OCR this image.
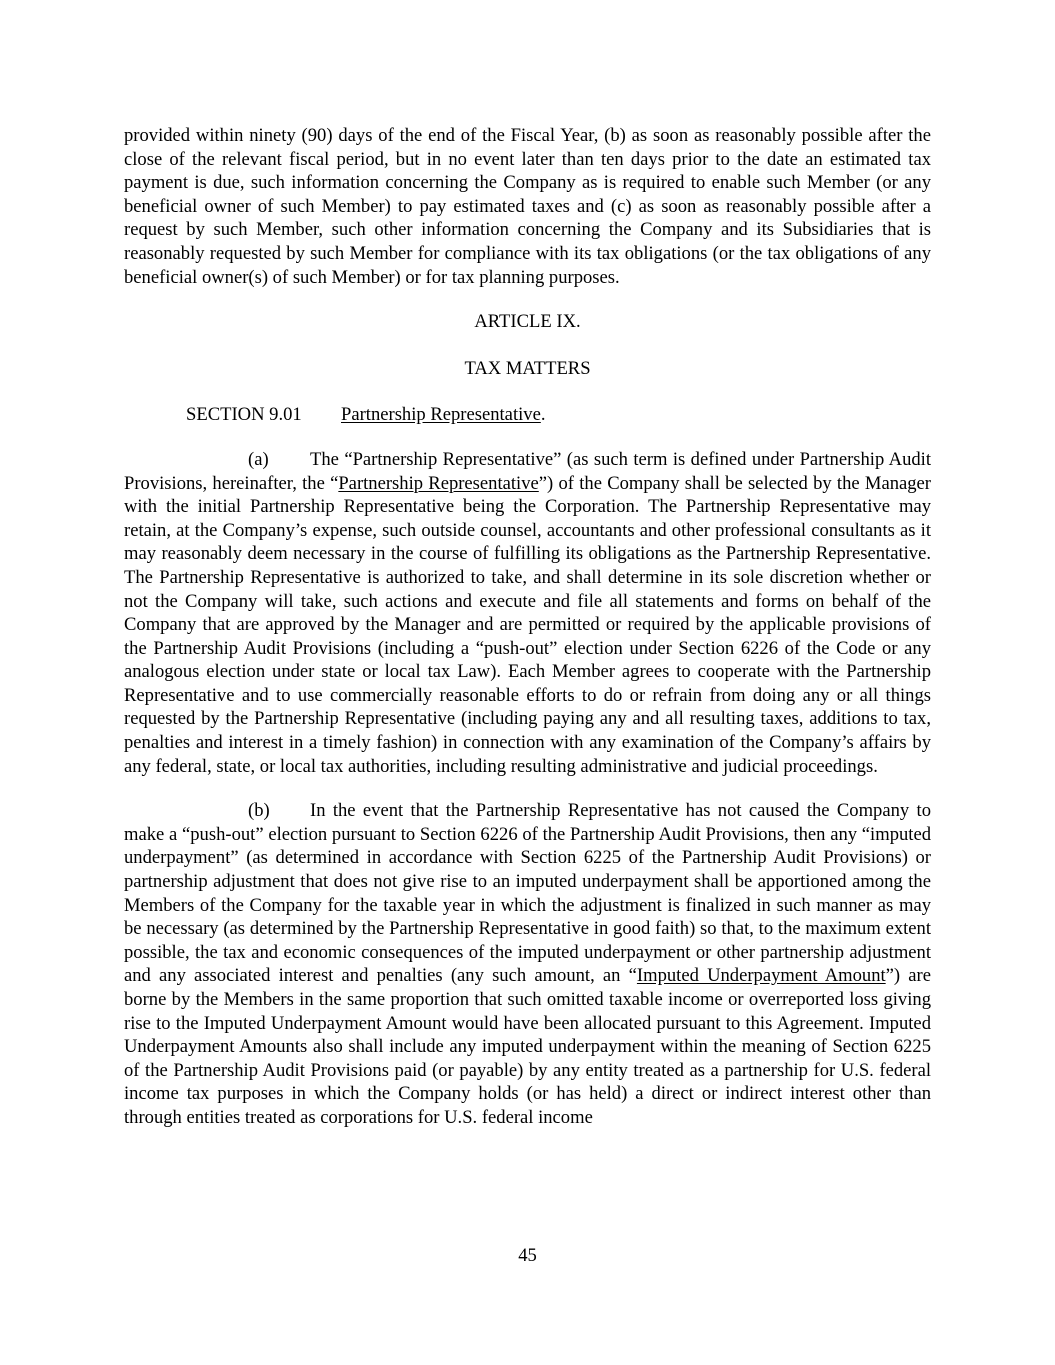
provided within ninety (90) days of the end of the Fiscal Year, (b) as soon as reasonably possible after the close of the relevant fiscal period, but in no event later than ten days prior to the date an estimated tax payment is due, such information concerning the Company as is required to enable such Member (or any beneficial owner of such Member) to pay estimated taxes and (c) as soon as reasonably possible after a request by such Member, such other information concerning the Company and its Subsidiaries that is reasonably requested by such Member for compliance with its tax obligations (or the tax obligations of any beneficial owner(s) of such Member) or for tax planning purposes.

ARTICLE IX.

TAX MATTERS

SECTION 9.01 Partnership Representative.

(a) The “Partnership Representative” (as such term is defined under Partnership Audit Provisions, hereinafter, the “Partnership Representative”) of the Company shall be selected by the Manager with the initial Partnership Representative being the Corporation. The Partnership Representative may retain, at the Company’s expense, such outside counsel, accountants and other professional consultants as it may reasonably deem necessary in the course of fulfilling its obligations as the Partnership Representative. The Partnership Representative is authorized to take, and shall determine in its sole discretion whether or not the Company will take, such actions and execute and file all statements and forms on behalf of the Company that are approved by the Manager and are permitted or required by the applicable provisions of the Partnership Audit Provisions (including a “push-out” election under Section 6226 of the Code or any analogous election under state or local tax Law). Each Member agrees to cooperate with the Partnership Representative and to use commercially reasonable efforts to do or refrain from doing any or all things requested by the Partnership Representative (including paying any and all resulting taxes, additions to tax, penalties and interest in a timely fashion) in connection with any examination of the Company’s affairs by any federal, state, or local tax authorities, including resulting administrative and judicial proceedings.

(b) In the event that the Partnership Representative has not caused the Company to make a “push-out” election pursuant to Section 6226 of the Partnership Audit Provisions, then any “imputed underpayment” (as determined in accordance with Section 6225 of the Partnership Audit Provisions) or partnership adjustment that does not give rise to an imputed underpayment shall be apportioned among the Members of the Company for the taxable year in which the adjustment is finalized in such manner as may be necessary (as determined by the Partnership Representative in good faith) so that, to the maximum extent possible, the tax and economic consequences of the imputed underpayment or other partnership adjustment and any associated interest and penalties (any such amount, an “Imputed Underpayment Amount”) are borne by the Members in the same proportion that such omitted taxable income or overreported loss giving rise to the Imputed Underpayment Amount would have been allocated pursuant to this Agreement. Imputed Underpayment Amounts also shall include any imputed underpayment within the meaning of Section 6225 of the Partnership Audit Provisions paid (or payable) by any entity treated as a partnership for U.S. federal income tax purposes in which the Company holds (or has held) a direct or indirect interest other than through entities treated as corporations for U.S. federal income

45
